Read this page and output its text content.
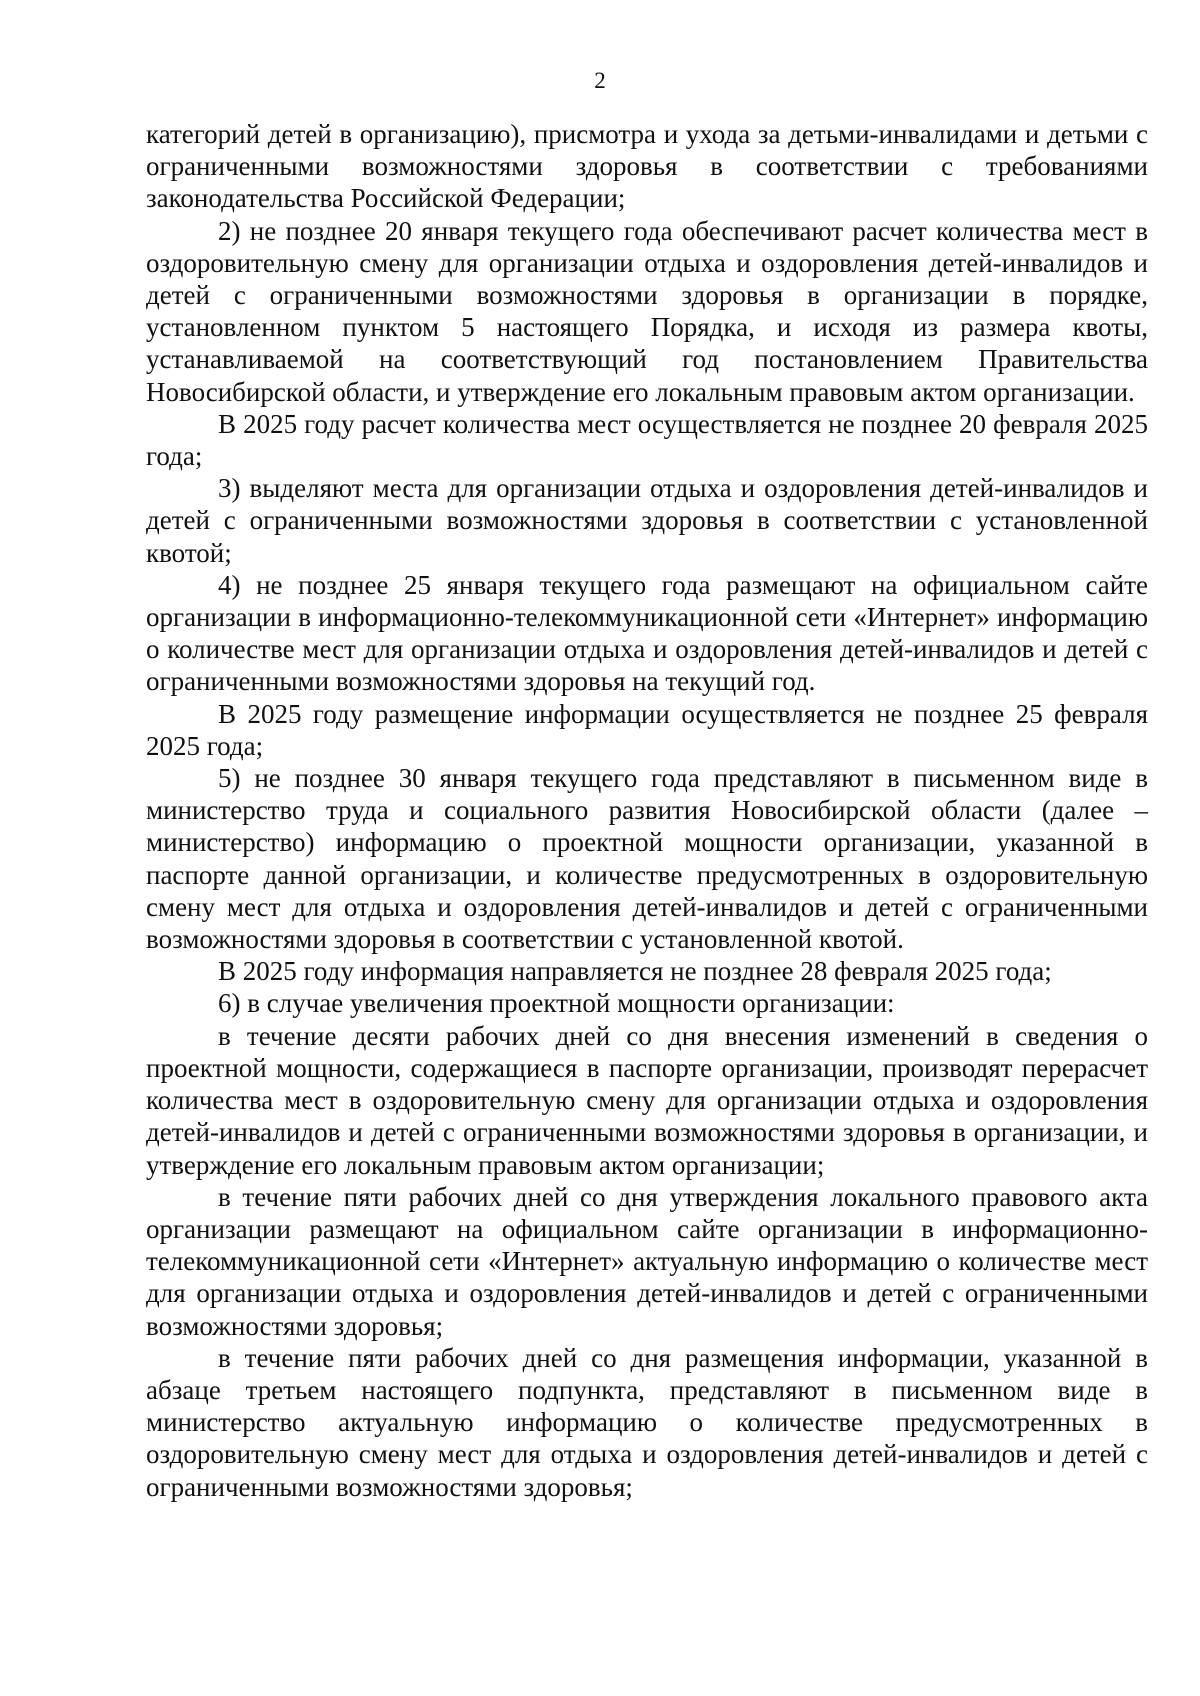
2

категорий детей в организацию), присмотра и ухода за детьми-инвалидами и детьми с ограниченными возможностями здоровья в соответствии с требованиями законодательства Российской Федерации;

2) не позднее 20 января текущего года обеспечивают расчет количества мест в оздоровительную смену для организации отдыха и оздоровления детей-инвалидов и детей с ограниченными возможностями здоровья в организации в порядке, установленном пунктом 5 настоящего Порядка, и исходя из размера квоты, устанавливаемой на соответствующий год постановлением Правительства Новосибирской области, и утверждение его локальным правовым актом организации.

В 2025 году расчет количества мест осуществляется не позднее 20 февраля 2025 года;

3) выделяют места для организации отдыха и оздоровления детей-инвалидов и детей с ограниченными возможностями здоровья в соответствии с установленной квотой;

4) не позднее 25 января текущего года размещают на официальном сайте организации в информационно-телекоммуникационной сети «Интернет» информацию о количестве мест для организации отдыха и оздоровления детей-инвалидов и детей с ограниченными возможностями здоровья на текущий год.

В 2025 году размещение информации осуществляется не позднее 25 февраля 2025 года;

5) не позднее 30 января текущего года представляют в письменном виде в министерство труда и социального развития Новосибирской области (далее – министерство) информацию о проектной мощности организации, указанной в паспорте данной организации, и количестве предусмотренных в оздоровительную смену мест для отдыха и оздоровления детей-инвалидов и детей с ограниченными возможностями здоровья в соответствии с установленной квотой.

В 2025 году информация направляется не позднее 28 февраля 2025 года;

6) в случае увеличения проектной мощности организации:

в течение десяти рабочих дней со дня внесения изменений в сведения о проектной мощности, содержащиеся в паспорте организации, производят перерасчет количества мест в оздоровительную смену для организации отдыха и оздоровления детей-инвалидов и детей с ограниченными возможностями здоровья в организации, и утверждение его локальным правовым актом организации;

в течение пяти рабочих дней со дня утверждения локального правового акта организации размещают на официальном сайте организации в информационно-телекоммуникационной сети «Интернет» актуальную информацию о количестве мест для организации отдыха и оздоровления детей-инвалидов и детей с ограниченными возможностями здоровья;

в течение пяти рабочих дней со дня размещения информации, указанной в абзаце третьем настоящего подпункта, представляют в письменном виде в министерство актуальную информацию о количестве предусмотренных в оздоровительную смену мест для отдыха и оздоровления детей-инвалидов и детей с ограниченными возможностями здоровья;
